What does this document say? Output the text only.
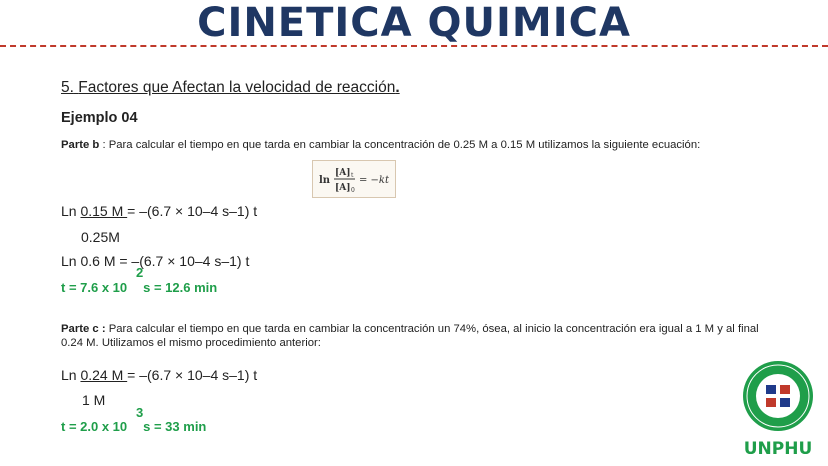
CINETICA QUIMICA
5. Factores que Afectan la velocidad de reacción.
Ejemplo 04
Parte b : Para calcular el tiempo en que tarda en cambiar la concentración de 0.25 M a 0.15 M utilizamos la siguiente ecuación:
ln
[A] t
[A] 0
= −kt
Ln 0.15 M = –(6.7 × 10–4 s–1) t
0.25M
Ln 0.6 M = –(6.7 × 10–4 s–1) t
2
t = 7.6 x 10 s = 12.6 min
Parte c : Para calcular el tiempo en que tarda en cambiar la concentración un 74%, ósea, al inicio la concentración era igual a 1 M y al final 0.24 M. Utilizamos el mismo procedimiento anterior:
Ln 0.24 M = –(6.7 × 10–4 s–1) t
1 M
3
t = 2.0 x 10 s = 33 min
UNPHU
